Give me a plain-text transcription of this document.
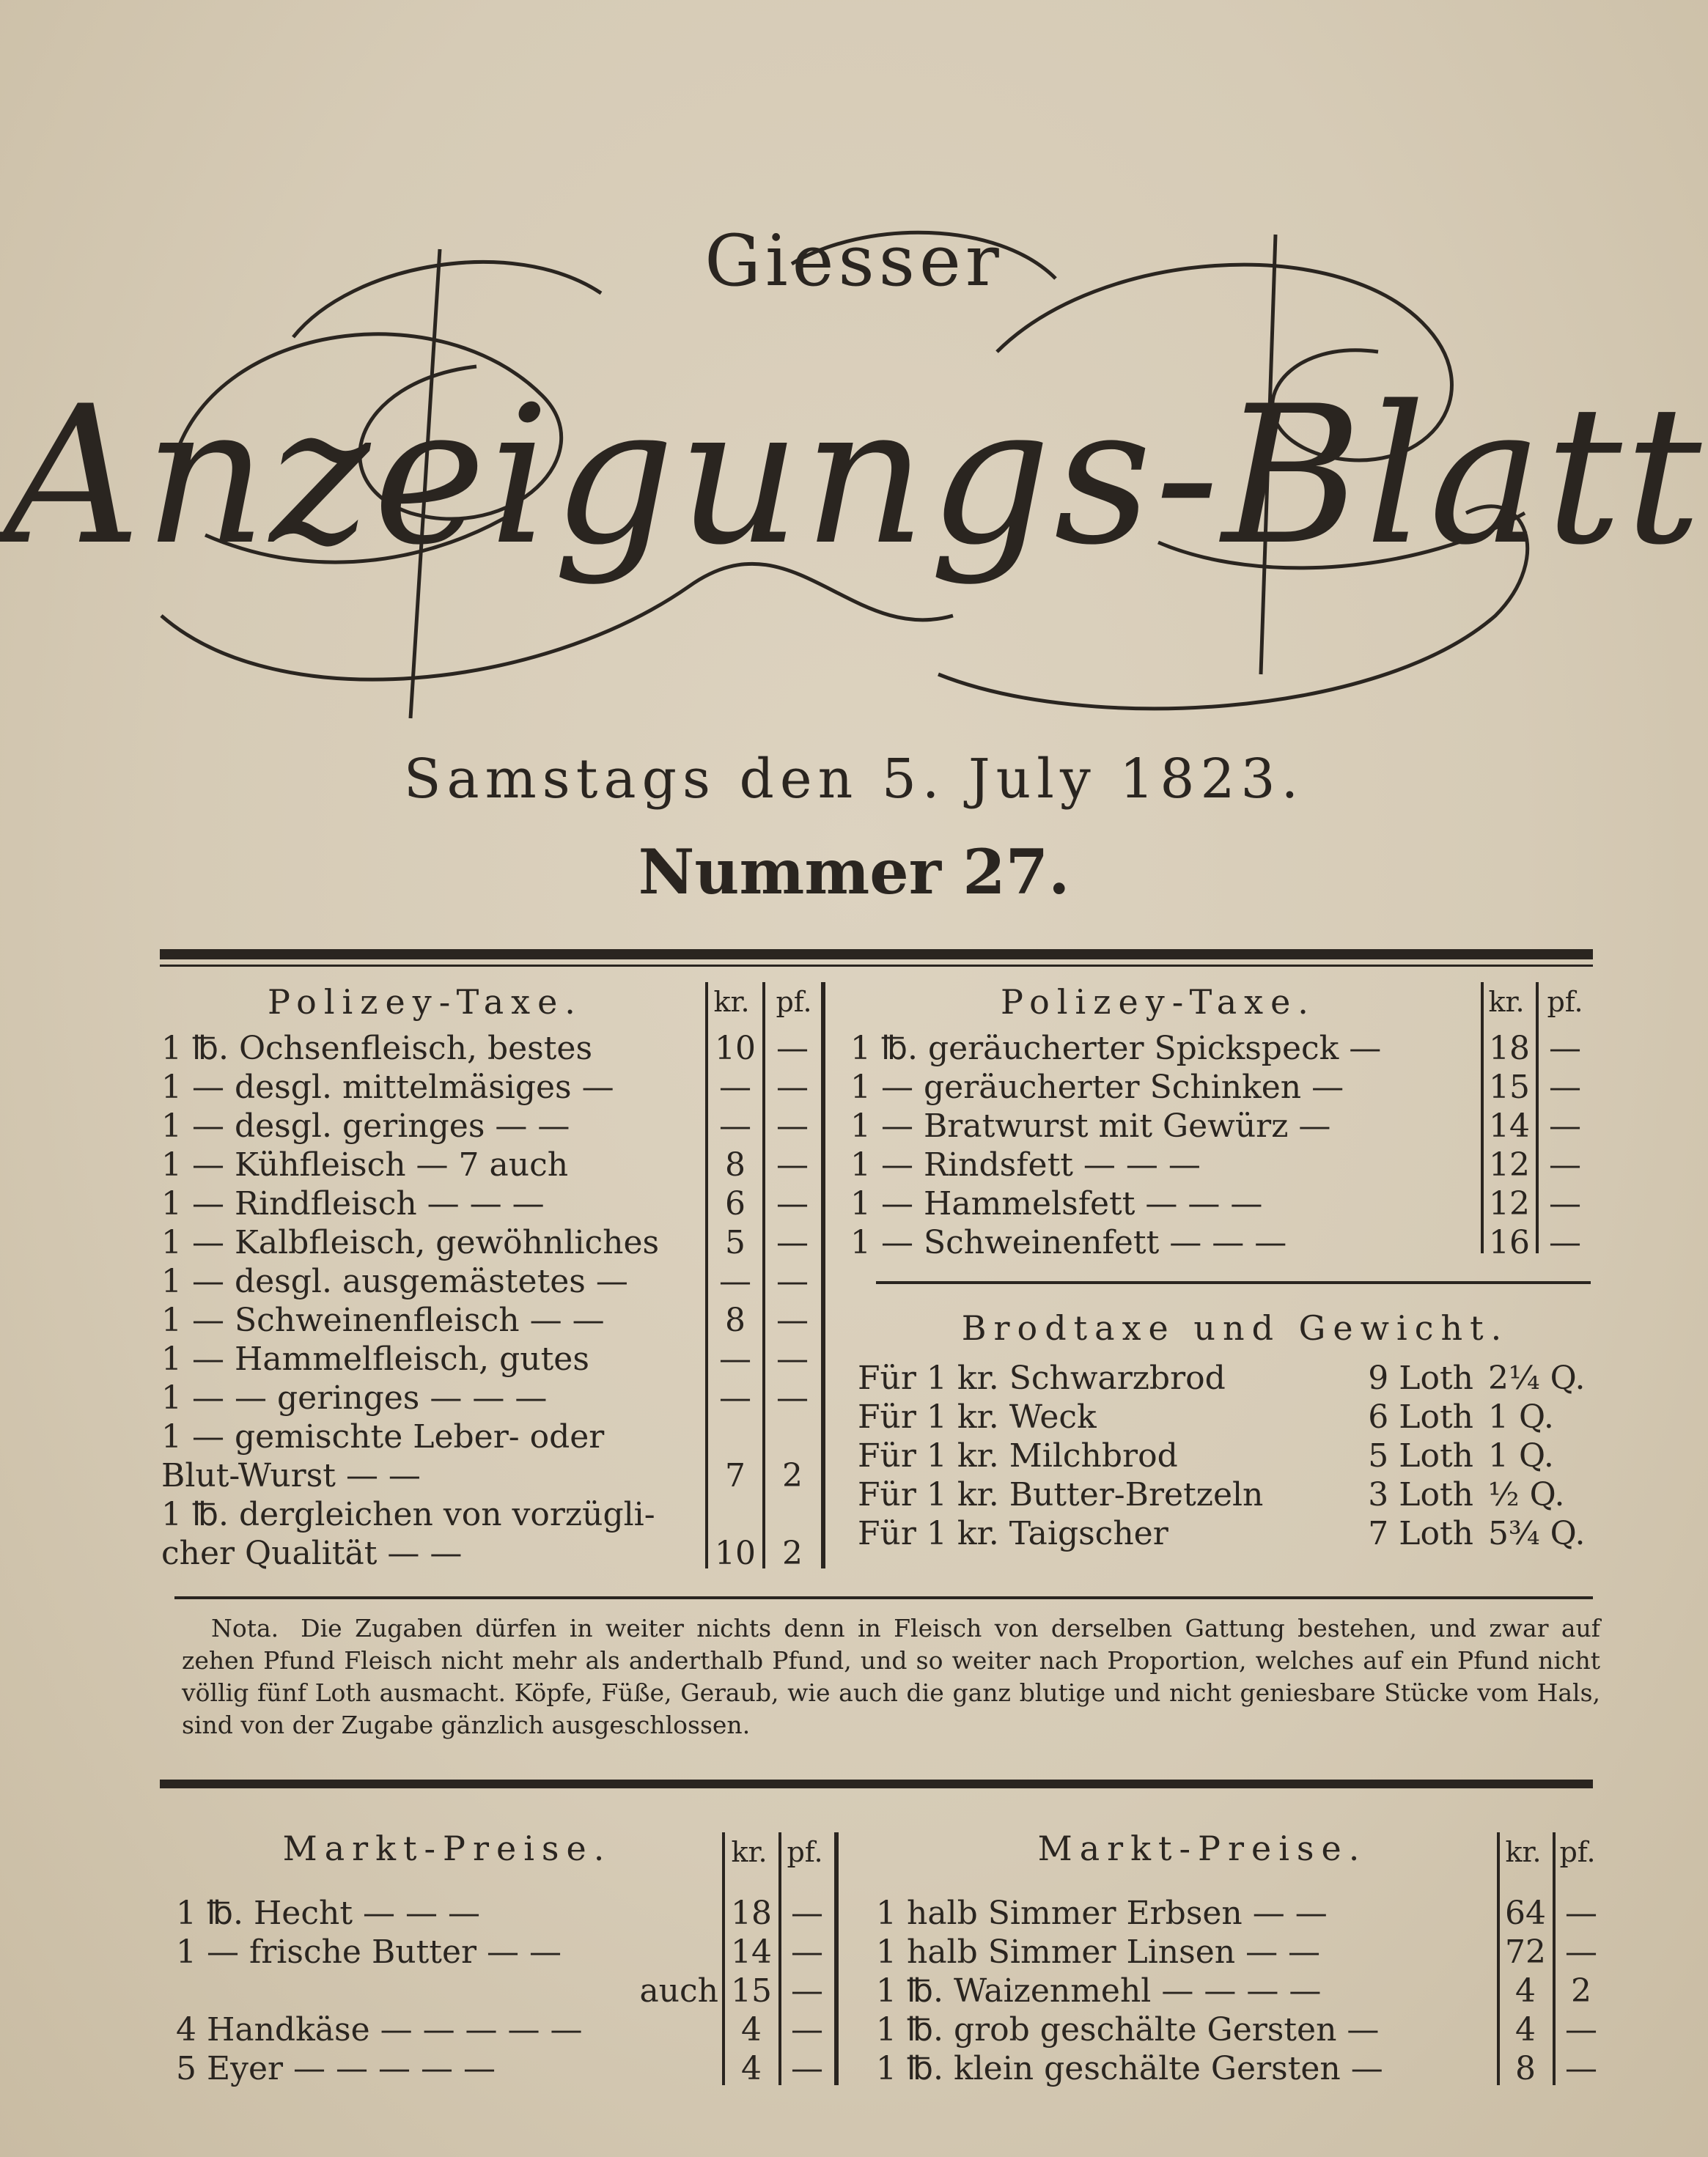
Giesser
Anzeigungs-Blatt
Samstags den 5. July 1823.
Nummer 27.
Polizey-Taxe.	kr. pf.
1 ℔. Ochsenfleisch, bestes	10 —
1 — desgl. mittelmäsiges —	— —
1 — desgl. geringes — —	— —
1 — Kühfleisch — 7 auch	8 —
1 — Rindfleisch — — —	6 —
1 — Kalbfleisch, gewöhnliches	5 —
1 — desgl. ausgemästetes —	— —
1 — Schweinenfleisch — —	8 —
1 — Hammelfleisch, gutes	— —
1 — — geringes — — —	— —
1 — gemischte Leber- oder
Blut-Wurst — —	7	2
1 ℔. dergleichen von vorzügli-
cher Qualität — —	10 2
Polizey-Taxe.	kr. pf.
1 ℔. geräucherter Spickspeck —	18 —
1 — geräucherter Schinken —	15 —
1 — Bratwurst mit Gewürz —	14 —
1 — Rindsfett — — —	12 —
1 — Hammelsfett — — —	12 —
1 — Schweinenfett — — —	16 —
Brodtaxe und Gewicht.
Für 1 kr. Schwarzbrod	9 Loth 2¼ Q.
Für 1 kr. Weck	6 Loth 1 Q.
Für 1 kr. Milchbrod	5 Loth 1 Q.
Für 1 kr. Butter-Bretzeln	3 Loth ½ Q.
Für 1 kr. Taigscher	7 Loth 5¾ Q.
Nota. Die Zugaben dürfen in weiter nichts denn in Fleisch von derselben Gattung bestehen, und zwar auf zehen Pfund Fleisch nicht mehr als anderthalb Pfund, und so weiter nach Proportion, welches auf ein Pfund nicht völlig fünf Loth ausmacht. Köpfe, Füße, Geraub, wie auch die ganz blutige und nicht geniesbare Stücke vom Hals, sind von der Zugabe gänzlich ausgeschlossen.
Markt-Preise.	kr. pf.
1 ℔. Hecht — — —	18 —
1 — frische Butter — —	14 —
auch 15 —
4 Handkäse — — — — —	4 —
5 Eyer — — — — —	4 —
Markt-Preise.	kr. pf.
1 halb Simmer Erbsen — —	64 —
1 halb Simmer Linsen — —	72 —
1 ℔. Waizenmehl — — — —	4	2
1 ℔. grob geschälte Gersten —	4 —
1 ℔. klein geschälte Gersten —	8 —
